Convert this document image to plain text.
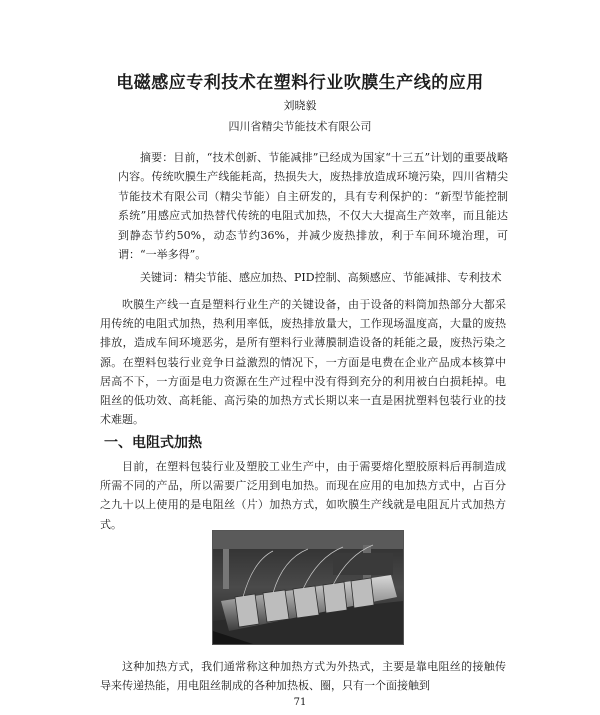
电磁感应专利技术在塑料行业吹膜生产线的应用
刘晓毅
四川省精尖节能技术有限公司

摘要：目前，“技术创新、节能减排”已经成为国家“十三五”计划的重要战略内容。传统吹膜生产线能耗高，热损失大，废热排放造成环境污染，四川省精尖节能技术有限公司（精尖节能）自主研发的，具有专利保护的：“新型节能控制系统”用感应式加热替代传统的电阻式加热，不仅大大提高生产效率，而且能达到静态节约50%，动态节约36%，并减少废热排放，利于车间环境治理，可谓：“一举多得”。

关键词：精尖节能、感应加热、PID控制、高频感应、节能减排、专利技术

吹膜生产线一直是塑料行业生产的关键设备，由于设备的料筒加热部分大都采用传统的电阻式加热，热利用率低，废热排放量大，工作现场温度高，大量的废热排放，造成车间环境恶劣，是所有塑料行业薄膜制造设备的耗能之最，废热污染之源。在塑料包装行业竞争日益激烈的情况下，一方面是电费在企业产品成本核算中居高不下，一方面是电力资源在生产过程中没有得到充分的利用被白白损耗掉。电阻丝的低功效、高耗能、高污染的加热方式长期以来一直是困扰塑料包装行业的技术难题。

一、电阻式加热

目前，在塑料包装行业及塑胶工业生产中，由于需要熔化塑胶原料后再制造成所需不同的产品，所以需要广泛用到电加热。而现在应用的电加热方式中，占百分之九十以上使用的是电阻丝（片）加热方式，如吹膜生产线就是电阻瓦片式加热方式。

这种加热方式，我们通常称这种加热方式为外热式，主要是靠电阻丝的接触传导来传递热能，用电阻丝制成的各种加热板、圈，只有一个面接触到

71
